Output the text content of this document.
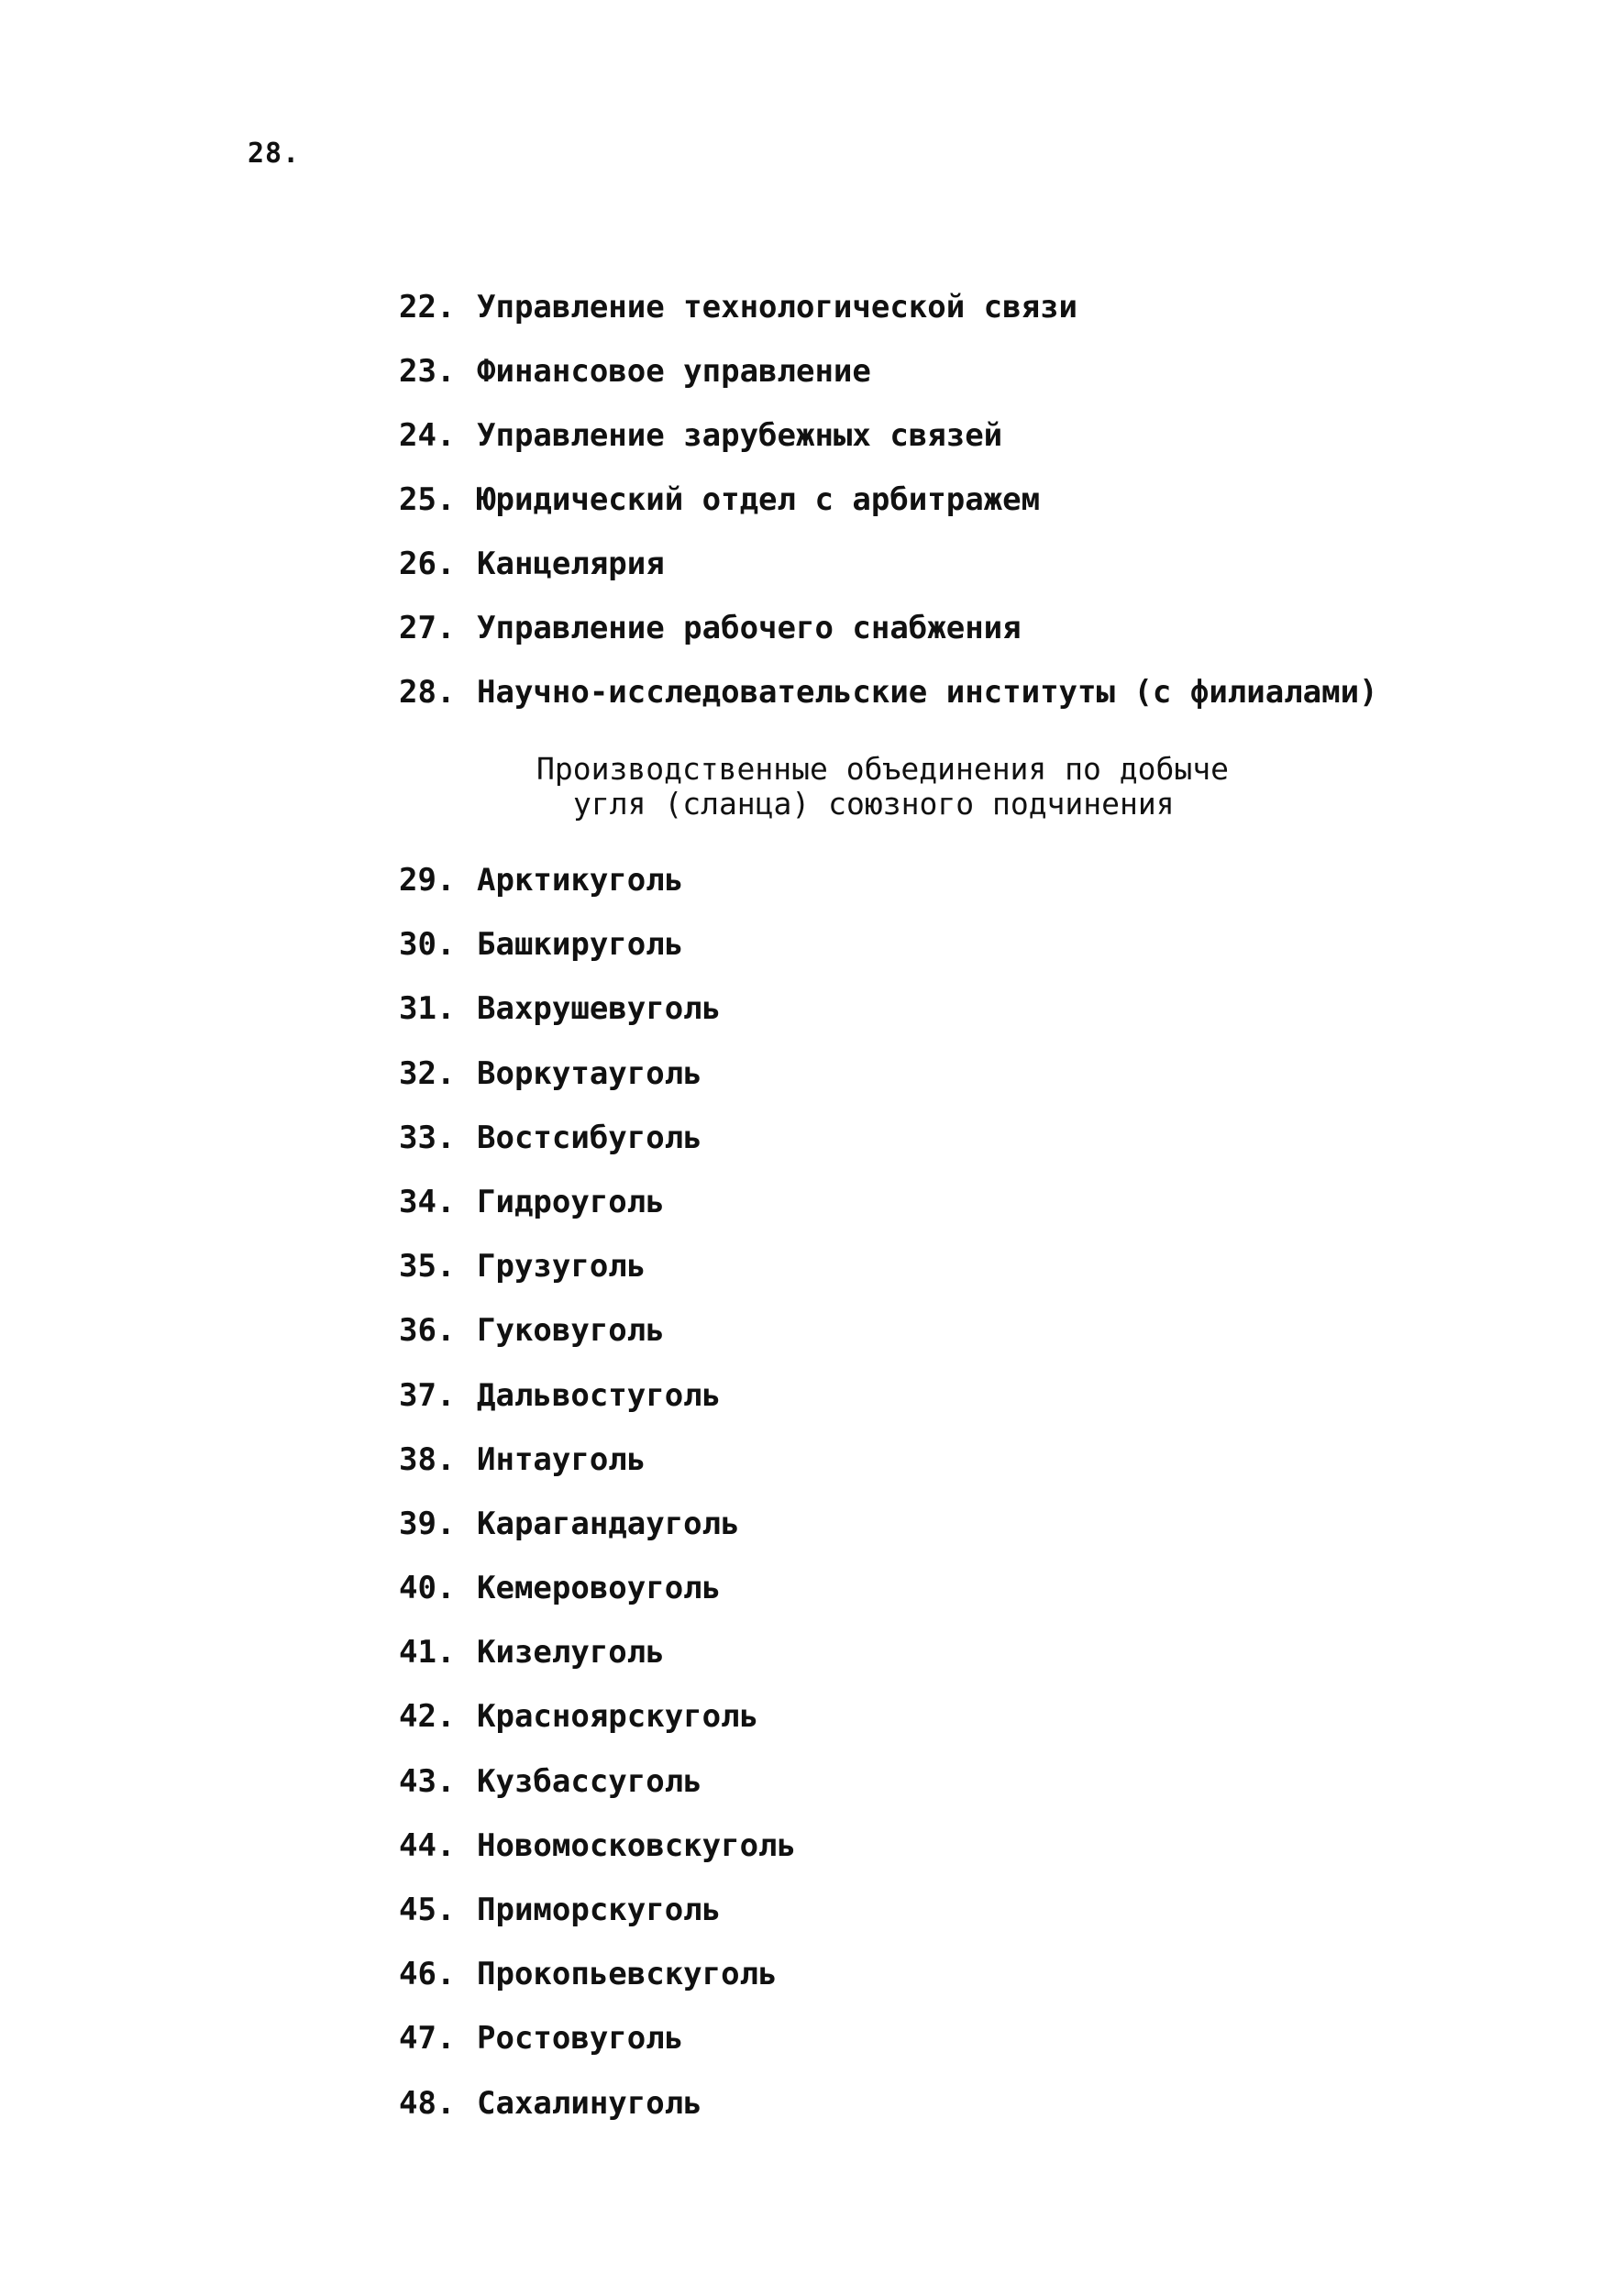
28.
22. Управление технологической связи
23. Финансовое управление
24. Управление зарубежных связей
25. Юридический отдел с арбитражем
26. Канцелярия
27. Управление рабочего снабжения
28. Научно-исследовательские институты (с филиалами)
Производственные объединения по добыче
угля (сланца) союзного подчинения
29. Арктикуголь
30. Башкируголь
31. Вахрушевуголь
32. Воркутауголь
33. Востсибуголь
34. Гидроуголь
35. Грузуголь
36. Гуковуголь
37. Дальвостуголь
38. Интауголь
39. Карагандауголь
40. Кемеровоуголь
41. Кизелуголь
42. Красноярскуголь
43. Кузбассуголь
44. Новомосковскуголь
45. Приморскуголь
46. Прокопьевскуголь
47. Ростовуголь
48. Сахалинуголь
